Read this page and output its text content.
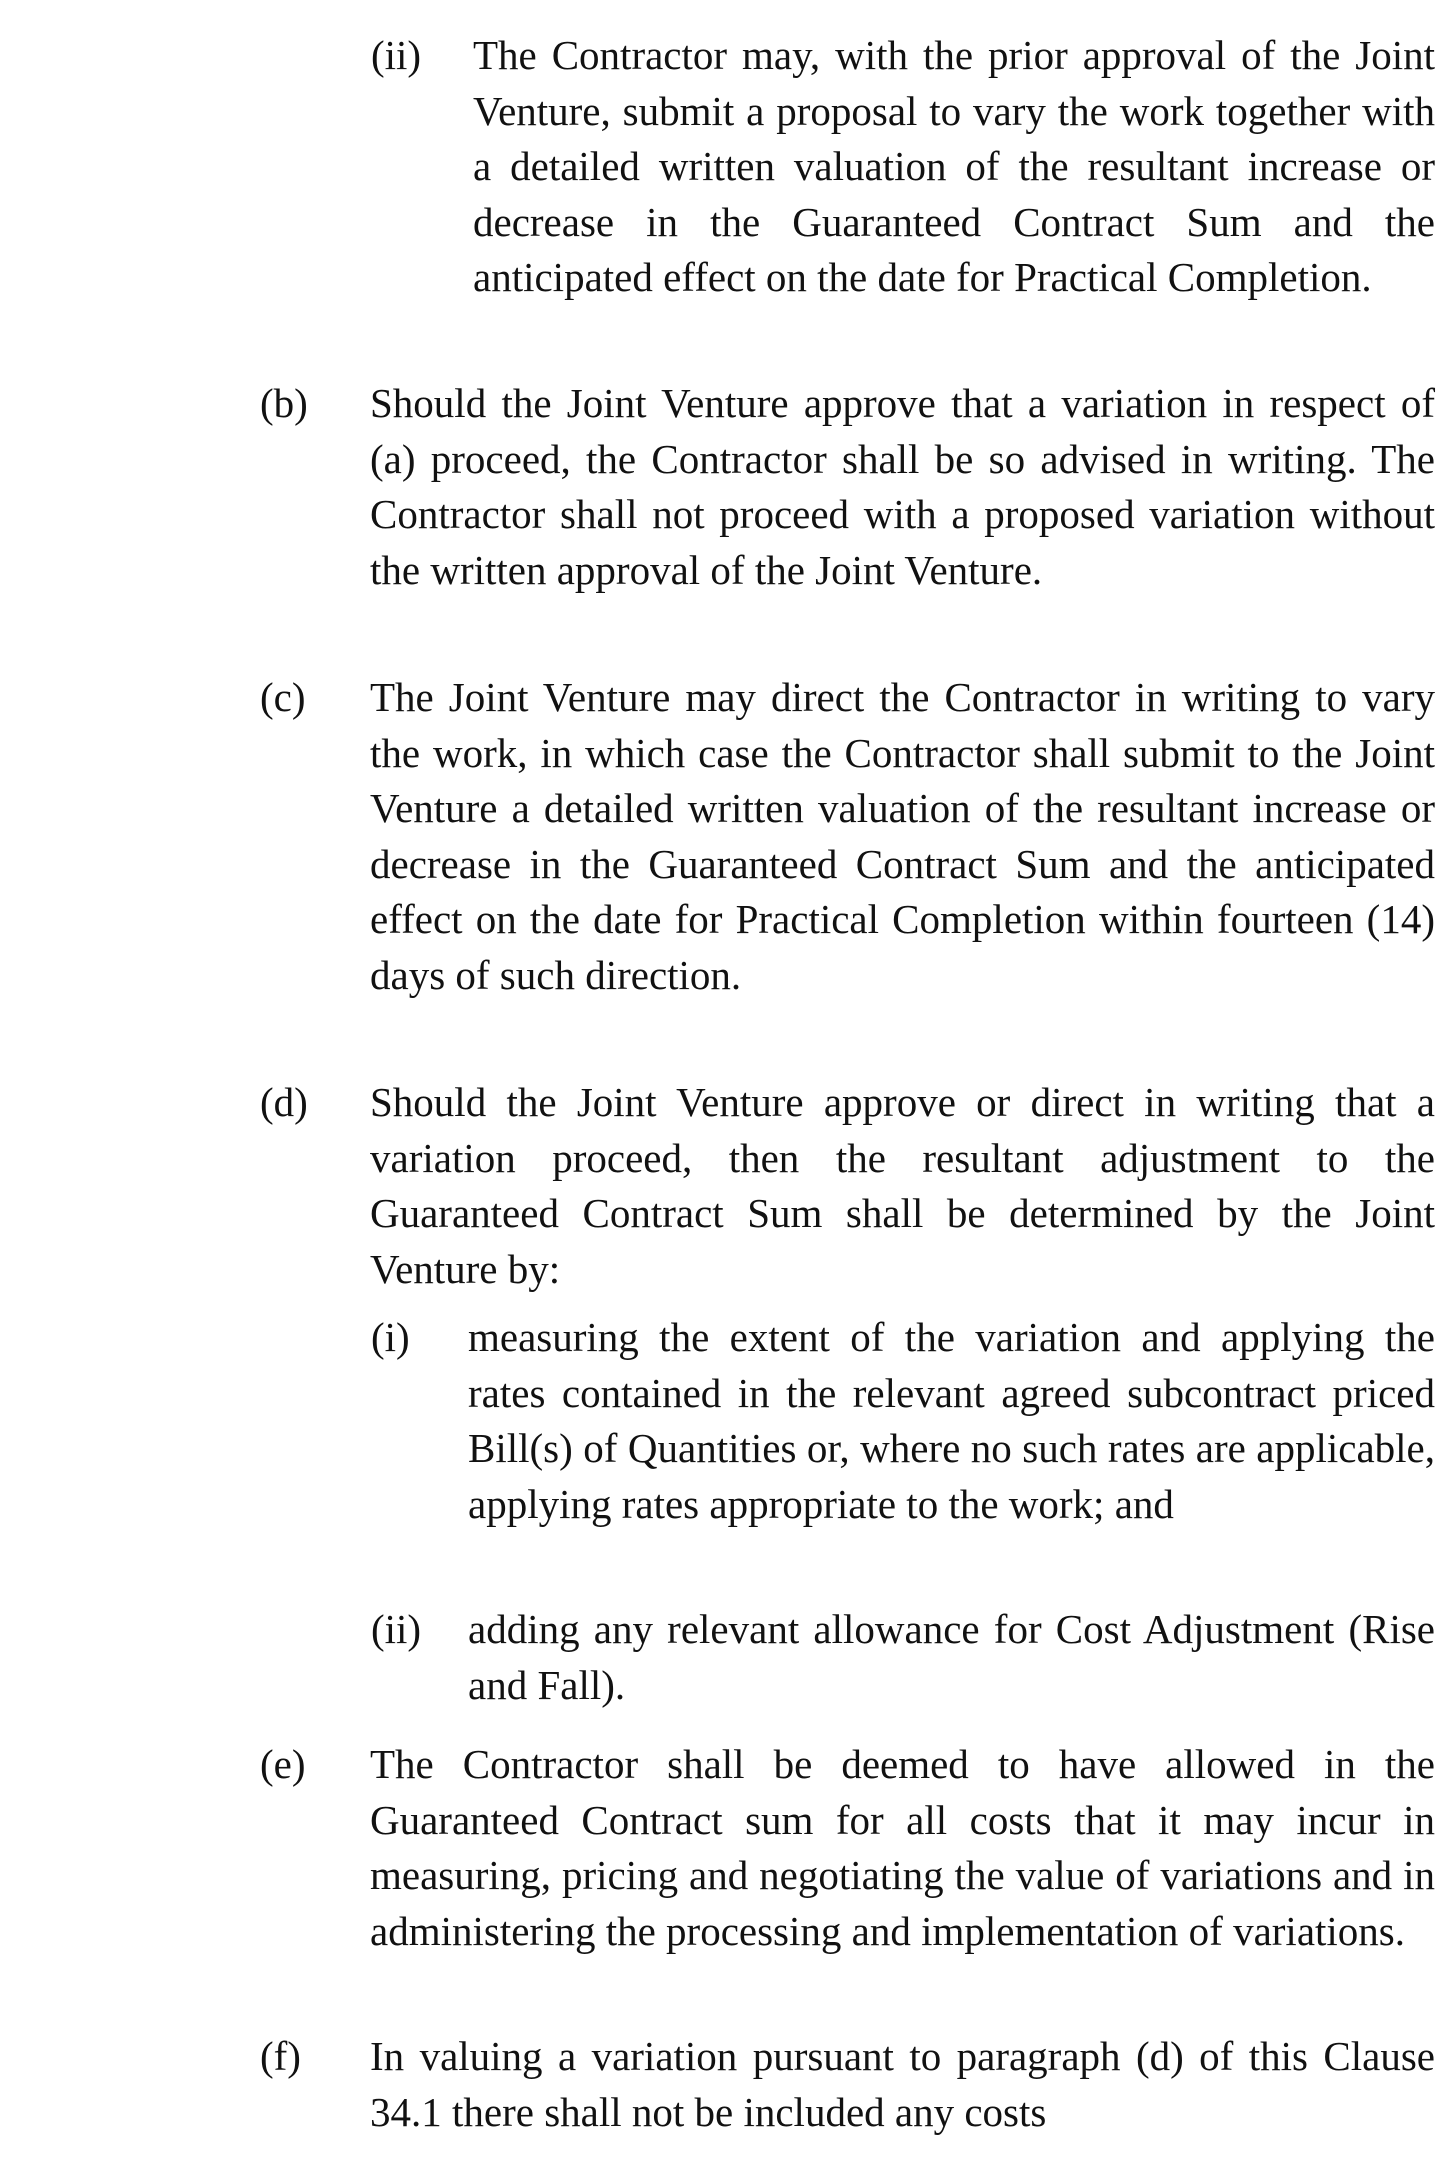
(ii) The Contractor may, with the prior approval of the Joint Venture, submit a proposal to vary the work together with a detailed written valuation of the resultant increase or decrease in the Guaranteed Contract Sum and the anticipated effect on the date for Practical Completion.

(b) Should the Joint Venture approve that a variation in respect of (a) proceed, the Contractor shall be so advised in writing. The Contractor shall not proceed with a proposed variation without the written approval of the Joint Venture.

(c) The Joint Venture may direct the Contractor in writing to vary the work, in which case the Contractor shall submit to the Joint Venture a detailed written valuation of the resultant increase or decrease in the Guaranteed Contract Sum and the anticipated effect on the date for Practical Completion within fourteen (14) days of such direction.

(d) Should the Joint Venture approve or direct in writing that a variation proceed, then the resultant adjustment to the Guaranteed Contract Sum shall be determined by the Joint Venture by:

(i) measuring the extent of the variation and applying the rates contained in the relevant agreed subcontract priced Bill(s) of Quantities or, where no such rates are applicable, applying rates appropriate to the work; and

(ii) adding any relevant allowance for Cost Adjustment (Rise and Fall).

(e) The Contractor shall be deemed to have allowed in the Guaranteed Contract sum for all costs that it may incur in measuring, pricing and negotiating the value of variations and in administering the processing and implementation of variations.

(f) In valuing a variation pursuant to paragraph (d) of this Clause 34.1 there shall not be included any costs
